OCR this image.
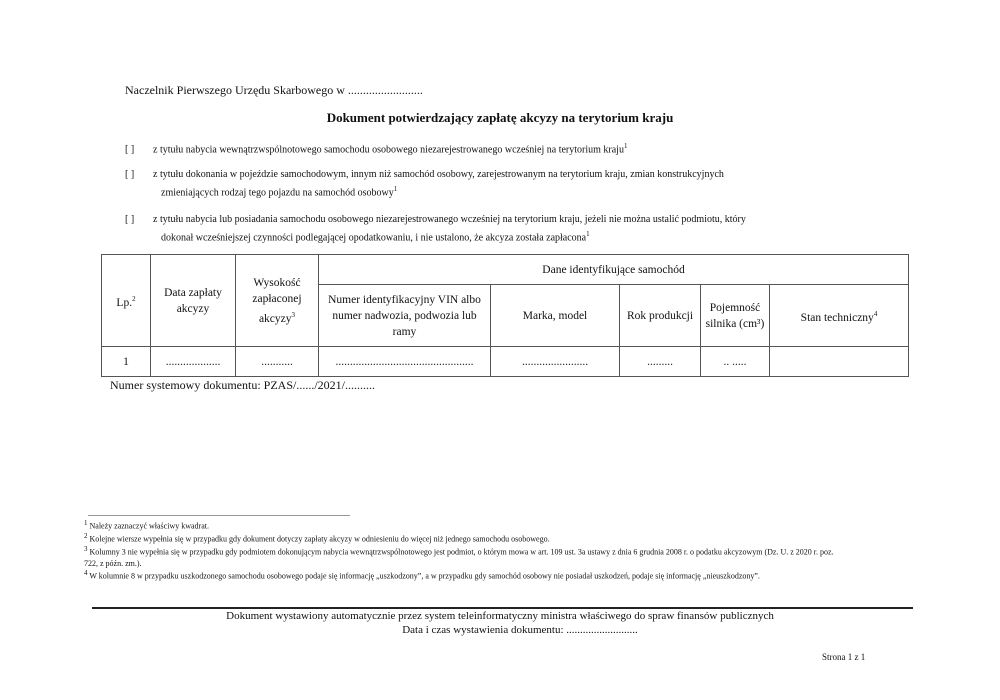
Naczelnik Pierwszego Urzędu Skarbowego w .........................
Dokument potwierdzający zapłatę akcyzy na terytorium kraju
[ ] z tytułu nabycia wewnątrzwspólnotowego samochodu osobowego niezarejestrowanego wcześniej na terytorium kraju$^1$
[ ] z tytułu dokonania w pojeździe samochodowym, innym niż samochód osobowy, zarejestrowanym na terytorium kraju, zmian konstrukcyjnych
zmieniających rodzaj tego pojazdu na samochód osobowy$^1$
[ ] z tytułu nabycia lub posiadania samochodu osobowego niezarejestrowanego wcześniej na terytorium kraju, jeżeli nie można ustalić podmiotu, który
dokonał wcześniejszej czynności podlegającej opodatkowaniu, i nie ustalono, że akcyza została zapłacona$^1$
Lp.$^2$	Data zapłaty akcyzy	Wysokość zapłaconej akcyzy$^3$	Dane identyfikujące samochód				
			Numer identyfikacyjny VIN albo numer nadwozia, podwozia lub ramy	Marka, model	Rok produkcji	Pojemność silnika (cm³)	Stan techniczny$^4$
1	...................	...........	................................................	.......................	.........	.. .....	
Numer systemowy dokumentu: PZAS/....../2021/..........
$^1$ Należy zaznaczyć właściwy kwadrat.
$^2$ Kolejne wiersze wypełnia się w przypadku gdy dokument dotyczy zapłaty akcyzy w odniesieniu do więcej niż jednego samochodu osobowego.
$^3$ Kolumny 3 nie wypełnia się w przypadku gdy podmiotem dokonującym nabycia wewnątrzwspólnotowego jest podmiot, o którym mowa w art. 109 ust. 3a ustawy z dnia 6 grudnia 2008 r. o podatku akcyzowym (Dz. U. z 2020 r. poz. 722, z późn. zm.).
$^4$ W kolumnie 8 w przypadku uszkodzonego samochodu osobowego podaje się informację „uszkodzony”, a w przypadku gdy samochód osobowy nie posiadał uszkodzeń, podaje się informację „nieuszkodzony”.
Dokument wystawiony automatycznie przez system teleinformatyczny ministra właściwego do spraw finansów publicznych
Data i czas wystawienia dokumentu: ..........................
Strona 1 z 1
